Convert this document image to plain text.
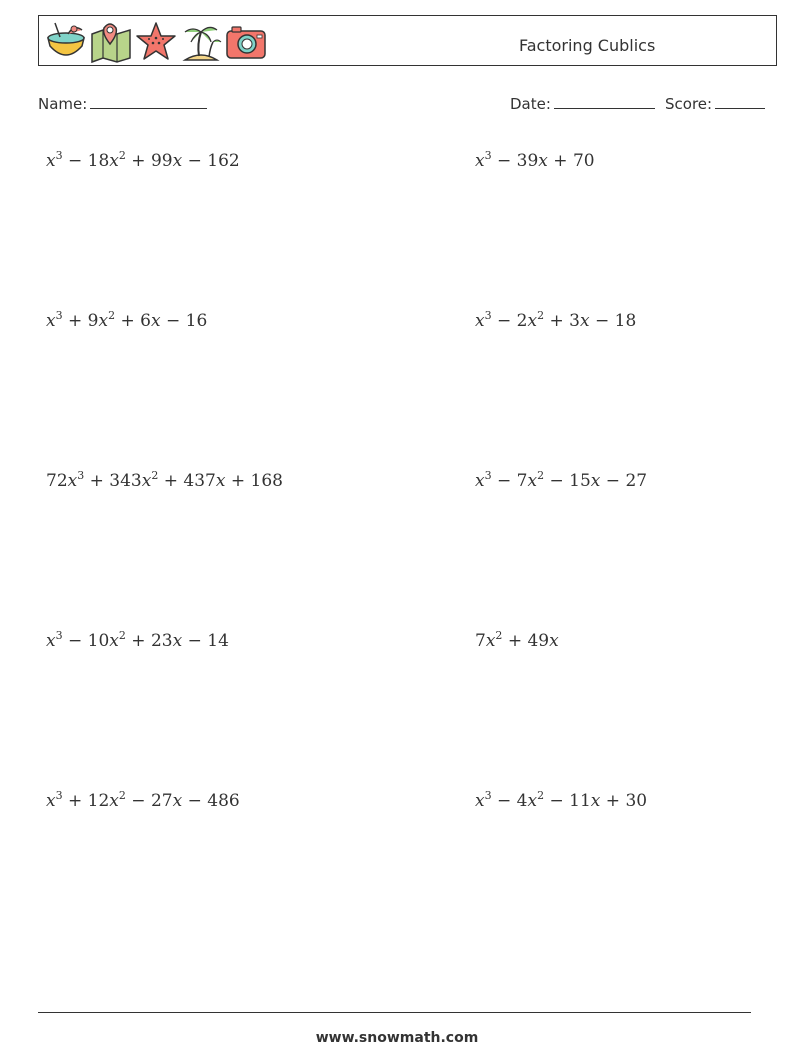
Factoring Cublics
Name:	Date:	Score:
$x^3 - 18x^2 + 99x - 162$	$x^3 - 39x + 70$
$x^3 + 9x^2 + 6x - 16$	$x^3 - 2x^2 + 3x - 18$
$72x^3 + 343x^2 + 437x + 168$	$x^3 - 7x^2 - 15x - 27$
$x^3 - 10x^2 + 23x - 14$	$7x^2 + 49x$
$x^3 + 12x^2 - 27x - 486$	$x^3 - 4x^2 - 11x + 30$
www.snowmath.com
